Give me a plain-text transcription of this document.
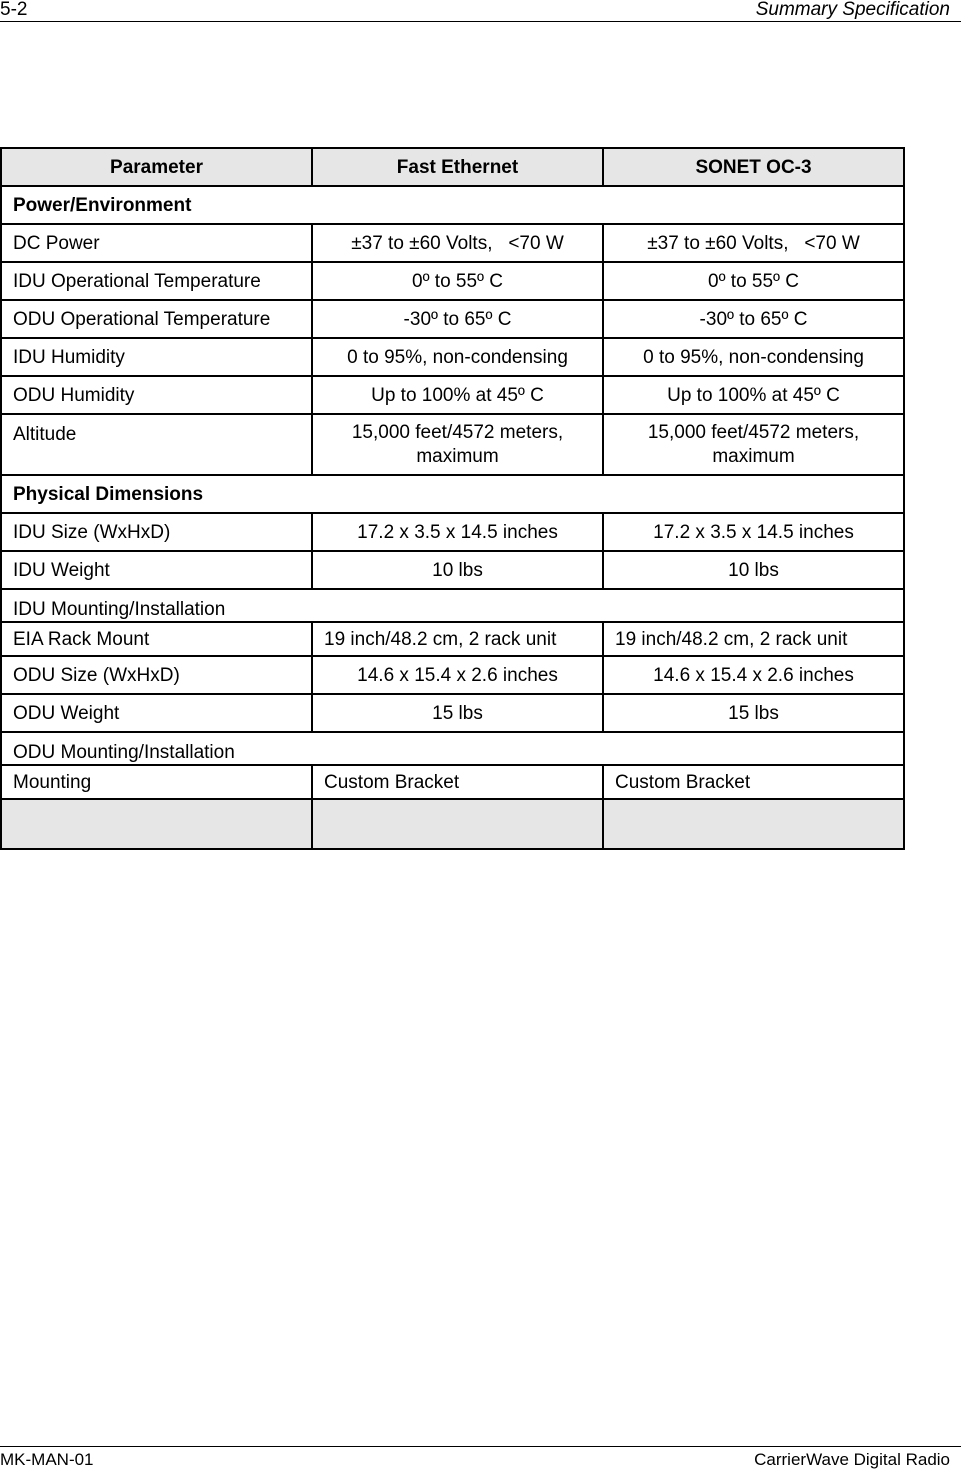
5-2	Summary Specification
Parameter	Fast Ethernet	SONET OC-3
Power/Environment		
DC Power	±37 to ±60 Volts,   <70 W	±37 to ±60 Volts,   <70 W
IDU Operational Temperature	0º to 55º C	0º to 55º C
ODU Operational Temperature	-30º to 65º C	-30º to 65º C
IDU Humidity	0 to 95%, non-condensing	0 to 95%, non-condensing
ODU Humidity	Up to 100% at 45º C	Up to 100% at 45º C
Altitude	15,000 feet/4572 meters, maximum	15,000 feet/4572 meters, maximum
Physical Dimensions		
IDU Size (WxHxD)	17.2 x 3.5 x 14.5 inches	17.2 x 3.5 x 14.5 inches
IDU Weight	10 lbs	10 lbs
IDU Mounting/Installation		
EIA Rack Mount	19 inch/48.2 cm, 2 rack unit	19 inch/48.2 cm, 2 rack unit
ODU Size (WxHxD)	14.6 x 15.4 x 2.6 inches	14.6 x 15.4 x 2.6 inches
ODU Weight	15 lbs	15 lbs
ODU Mounting/Installation		
Mounting	Custom Bracket	Custom Bracket

MK-MAN-01	CarrierWave Digital Radio
